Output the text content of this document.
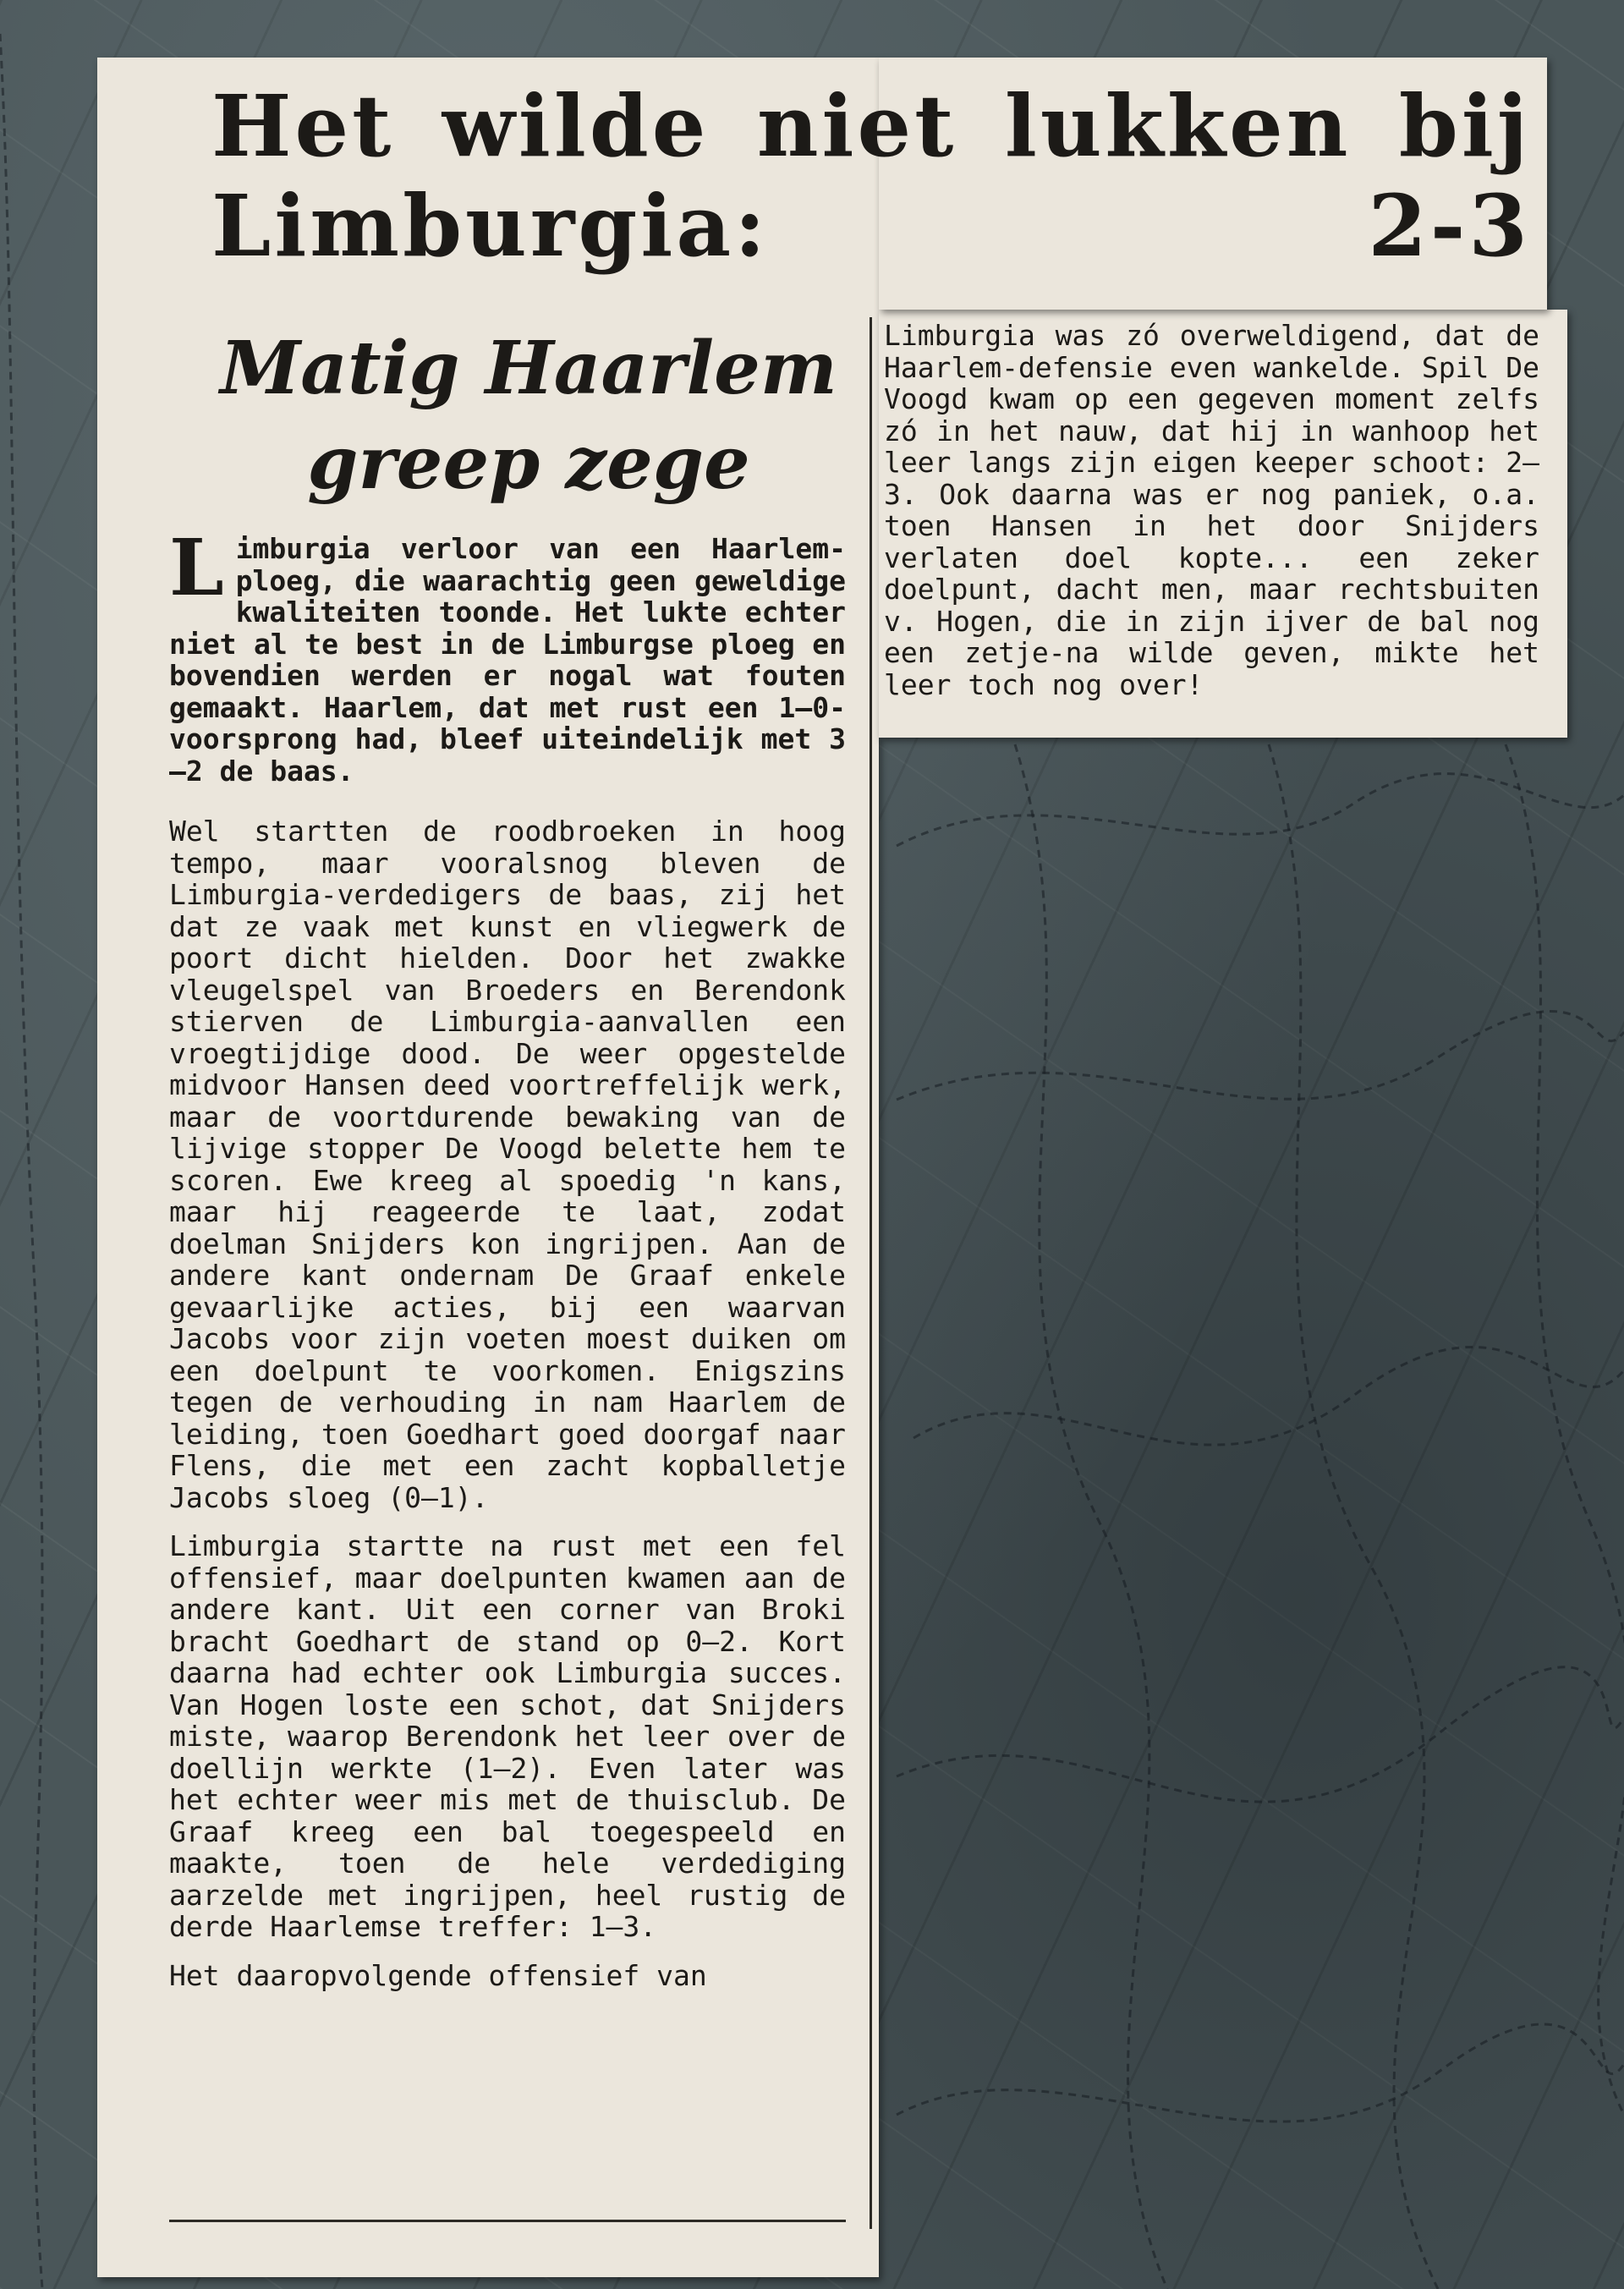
Het wilde niet lukken bij Limburgia: 2-3
Matig Haarlem greep zege

Limburgia verloor van een Haarlem-ploeg, die waarachtig geen geweldige kwaliteiten toonde. Het lukte echter niet al te best in de Limburgse ploeg en bovendien werden er nogal wat fouten gemaakt. Haarlem, dat met rust een 1—0-voorsprong had, bleef uiteindelijk met 3—2 de baas.

Wel startten de roodbroeken in hoog tempo, maar vooralsnog bleven de Limburgia-verdedigers de baas, zij het dat ze vaak met kunst en vliegwerk de poort dicht hielden. Door het zwakke vleugelspel van Broeders en Berendonk stierven de Limburgia-aanvallen een vroegtijdige dood. De weer opgestelde midvoor Hansen deed voortreffelijk werk, maar de voortdurende bewaking van de lijvige stopper De Voogd belette hem te scoren. Ewe kreeg al spoedig 'n kans, maar hij reageerde te laat, zodat doelman Snijders kon ingrijpen. Aan de andere kant ondernam De Graaf enkele gevaarlijke acties, bij een waarvan Jacobs voor zijn voeten moest duiken om een doelpunt te voorkomen. Enigszins tegen de verhouding in nam Haarlem de leiding, toen Goedhart goed doorgaf naar Flens, die met een zacht kopballetje Jacobs sloeg (0—1).

Limburgia startte na rust met een fel offensief, maar doelpunten kwamen aan de andere kant. Uit een corner van Broki bracht Goedhart de stand op 0—2. Kort daarna had echter ook Limburgia succes. Van Hogen loste een schot, dat Snijders miste, waarop Berendonk het leer over de doellijn werkte (1—2). Even later was het echter weer mis met de thuisclub. De Graaf kreeg een bal toegespeeld en maakte, toen de hele verdediging aarzelde met ingrijpen, heel rustig de derde Haarlemse treffer: 1—3.

Het daaropvolgende offensief van

Limburgia was zó overweldigend, dat de Haarlem-defensie even wankelde. Spil De Voogd kwam op een gegeven moment zelfs zó in het nauw, dat hij in wanhoop het leer langs zijn eigen keeper schoot: 2—3. Ook daarna was er nog paniek, o.a. toen Hansen in het door Snijders verlaten doel kopte... een zeker doelpunt, dacht men, maar rechtsbuiten v. Hogen, die in zijn ijver de bal nog een zetje-na wilde geven, mikte het leer toch nog over!
